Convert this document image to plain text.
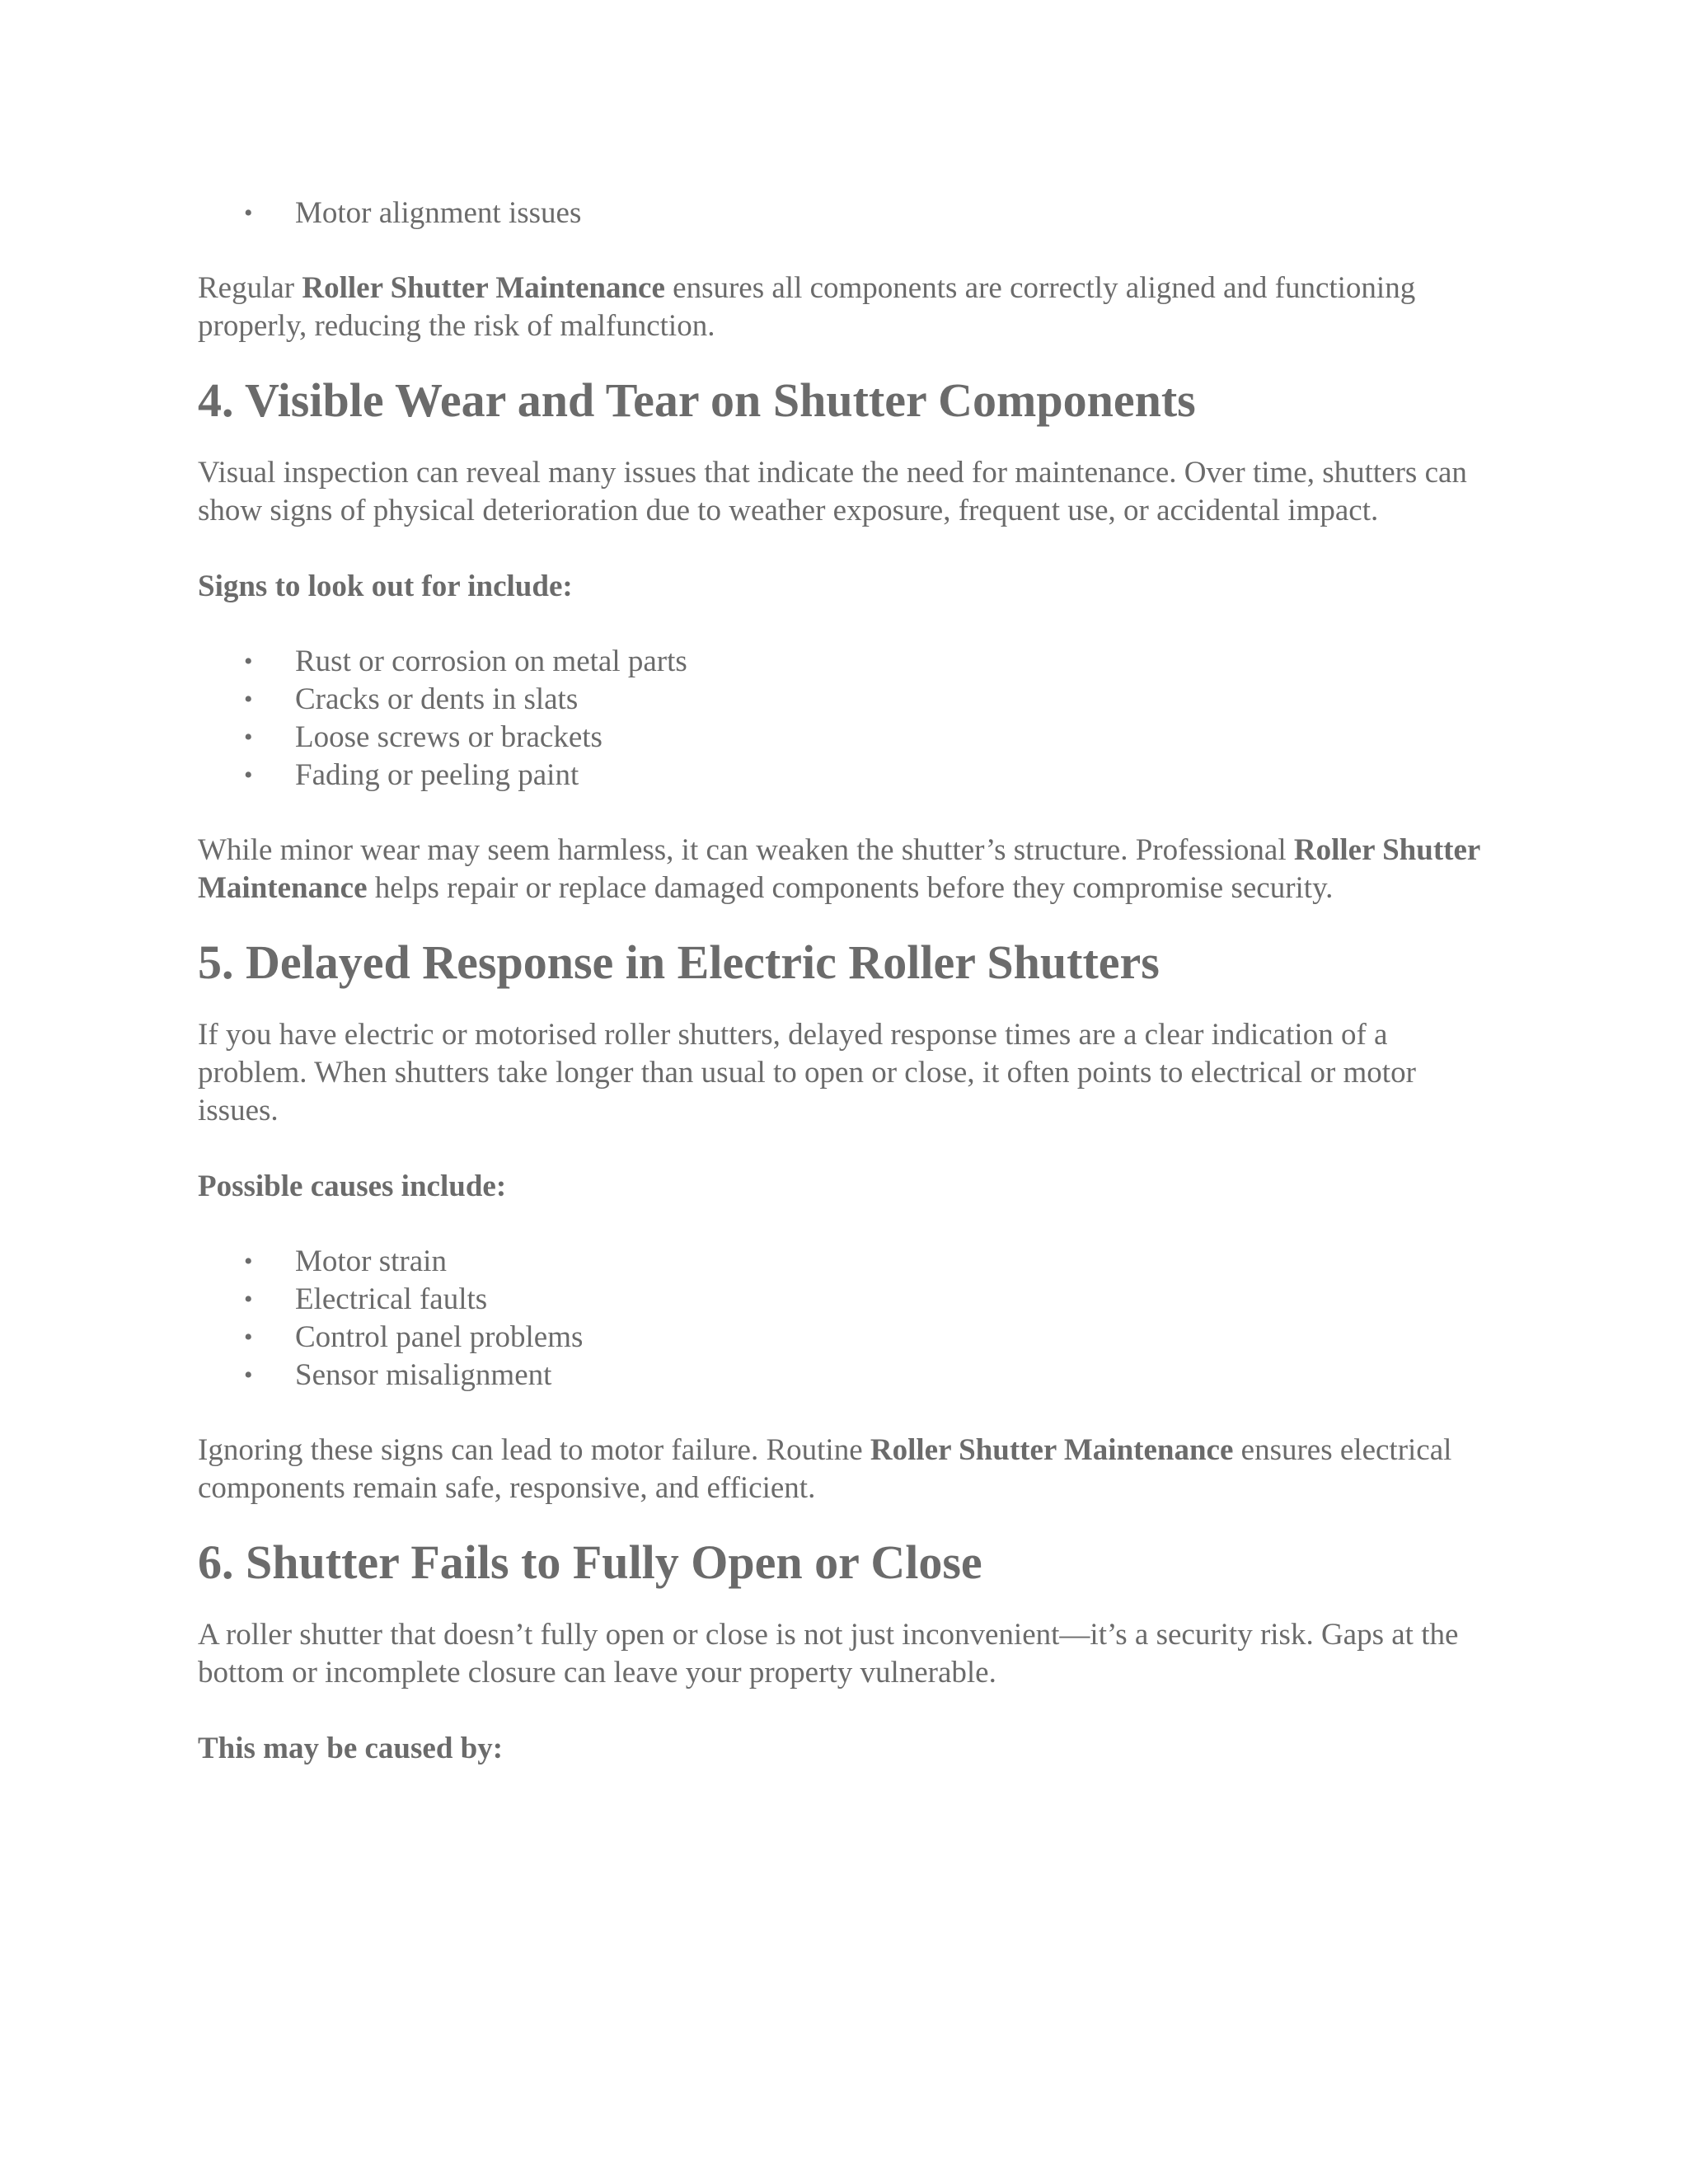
• Motor alignment issues

Regular Roller Shutter Maintenance ensures all components are correctly aligned and functioning properly, reducing the risk of malfunction.

4. Visible Wear and Tear on Shutter Components

Visual inspection can reveal many issues that indicate the need for maintenance. Over time, shutters can show signs of physical deterioration due to weather exposure, frequent use, or accidental impact.

Signs to look out for include:

• Rust or corrosion on metal parts
• Cracks or dents in slats
• Loose screws or brackets
• Fading or peeling paint

While minor wear may seem harmless, it can weaken the shutter’s structure. Professional Roller Shutter Maintenance helps repair or replace damaged components before they compromise security.

5. Delayed Response in Electric Roller Shutters

If you have electric or motorised roller shutters, delayed response times are a clear indication of a problem. When shutters take longer than usual to open or close, it often points to electrical or motor issues.

Possible causes include:

• Motor strain
• Electrical faults
• Control panel problems
• Sensor misalignment

Ignoring these signs can lead to motor failure. Routine Roller Shutter Maintenance ensures electrical components remain safe, responsive, and efficient.

6. Shutter Fails to Fully Open or Close

A roller shutter that doesn’t fully open or close is not just inconvenient—it’s a security risk. Gaps at the bottom or incomplete closure can leave your property vulnerable.

This may be caused by:
